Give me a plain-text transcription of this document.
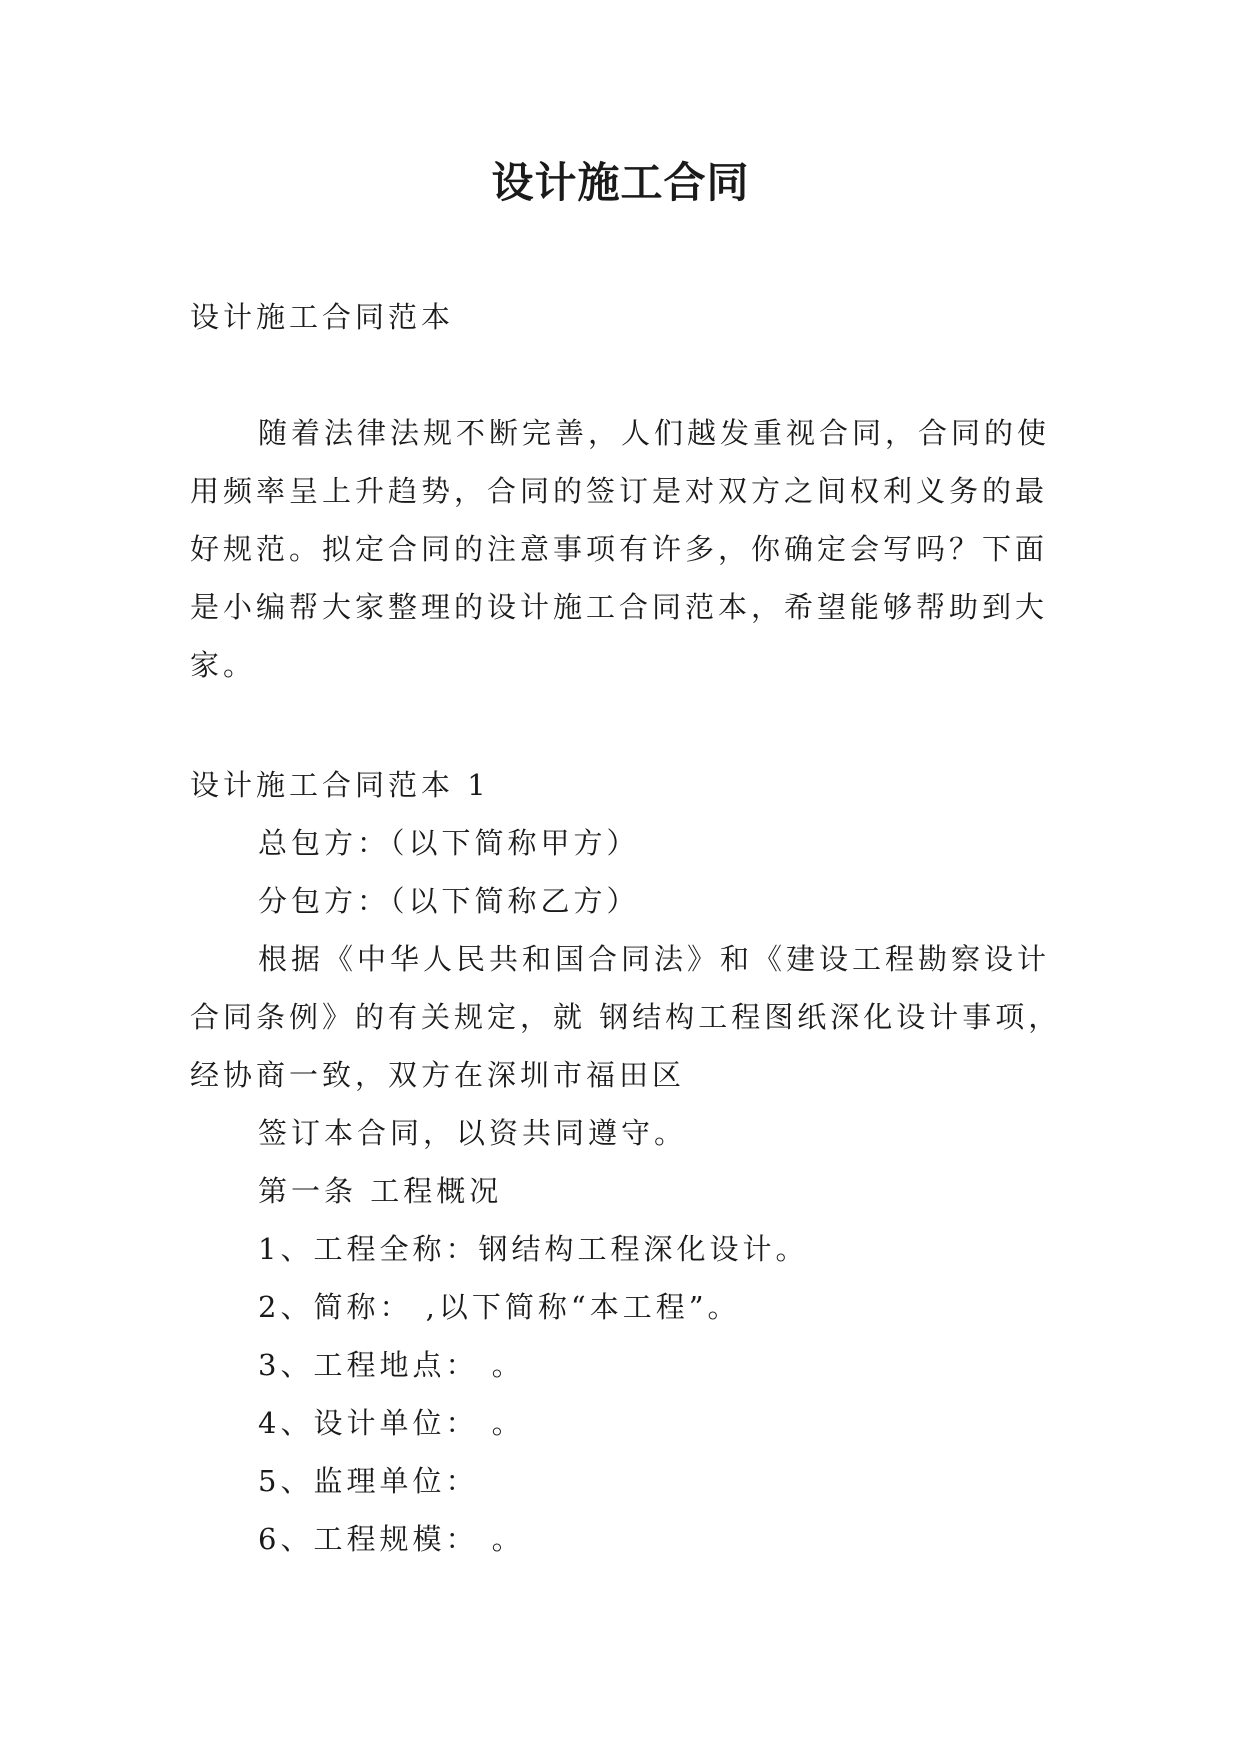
设计施工合同

设计施工合同范本

随着法律法规不断完善，人们越发重视合同，合同的使用频率呈上升趋势，合同的签订是对双方之间权利义务的最好规范。拟定合同的注意事项有许多，你确定会写吗？下面是小编帮大家整理的设计施工合同范本，希望能够帮助到大家。

设计施工合同范本 1

总包方：（以下简称甲方）

分包方：（以下简称乙方）

根据《中华人民共和国合同法》和《建设工程勘察设计合同条例》的有关规定，就 钢结构工程图纸深化设计事项，经协商一致，双方在深圳市福田区

签订本合同，以资共同遵守。

第一条 工程概况

1、工程全称：钢结构工程深化设计。

2、简称： ,以下简称“本工程”。

3、工程地点： 。

4、设计单位： 。

5、监理单位：

6、工程规模： 。
